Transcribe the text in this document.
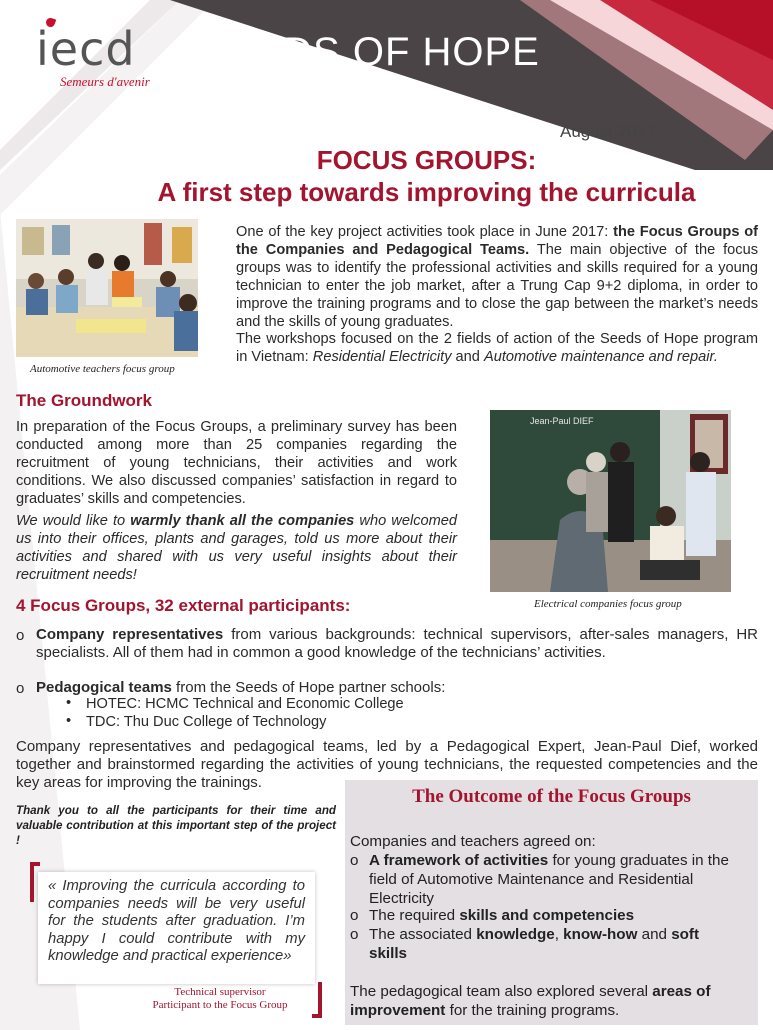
iecd
Semeurs d'avenir
SEEDS OF HOPE
VIETNAM
August 2017
FOCUS GROUPS:
A first step towards improving the curricula
Automotive teachers focus group
One of the key project activities took place in June 2017: the Focus Groups of the Companies and Pedagogical Teams. The main objective of the focus groups was to identify the professional activities and skills required for a young technician to enter the job market, after a Trung Cap 9+2 diploma, in order to improve the training programs and to close the gap between the market’s needs and the skills of young graduates.
The workshops focused on the 2 fields of action of the Seeds of Hope program in Vietnam: Residential Electricity and Automotive maintenance and repair.
The Groundwork
In preparation of the Focus Groups, a preliminary survey has been conducted among more than 25 companies regarding the recruitment of young technicians, their activities and work conditions. We also discussed companies’ satisfaction in regard to graduates’ skills and competencies.
We would like to warmly thank all the companies who welcomed us into their offices, plants and garages, told us more about their activities and shared with us very useful insights about their recruitment needs!
Jean-Paul DIEF
Electrical companies focus group
4 Focus Groups, 32 external participants:
o Company representatives from various backgrounds: technical supervisors, after-sales managers, HR specialists. All of them had in common a good knowledge of the technicians’ activities.
o Pedagogical teams from the Seeds of Hope partner schools:
• HOTEC: HCMC Technical and Economic College
• TDC: Thu Duc College of Technology
Company representatives and pedagogical teams, led by a Pedagogical Expert, Jean-Paul Dief, worked together and brainstormed regarding the activities of young technicians, the requested competencies and the key areas for improving the trainings.
Thank you to all the participants for their time and valuable contribution at this important step of the project !
« Improving the curricula according to companies needs will be very useful for the students after graduation. I’m happy I could contribute with my knowledge and practical experience»
Technical supervisor
Participant to the Focus Group
The Outcome of the Focus Groups
Companies and teachers agreed on:
o A framework of activities for young graduates in the field of Automotive Maintenance and Residential Electricity
o The required skills and competencies
o The associated knowledge, know-how and soft skills
The pedagogical team also explored several areas of improvement for the training programs.
